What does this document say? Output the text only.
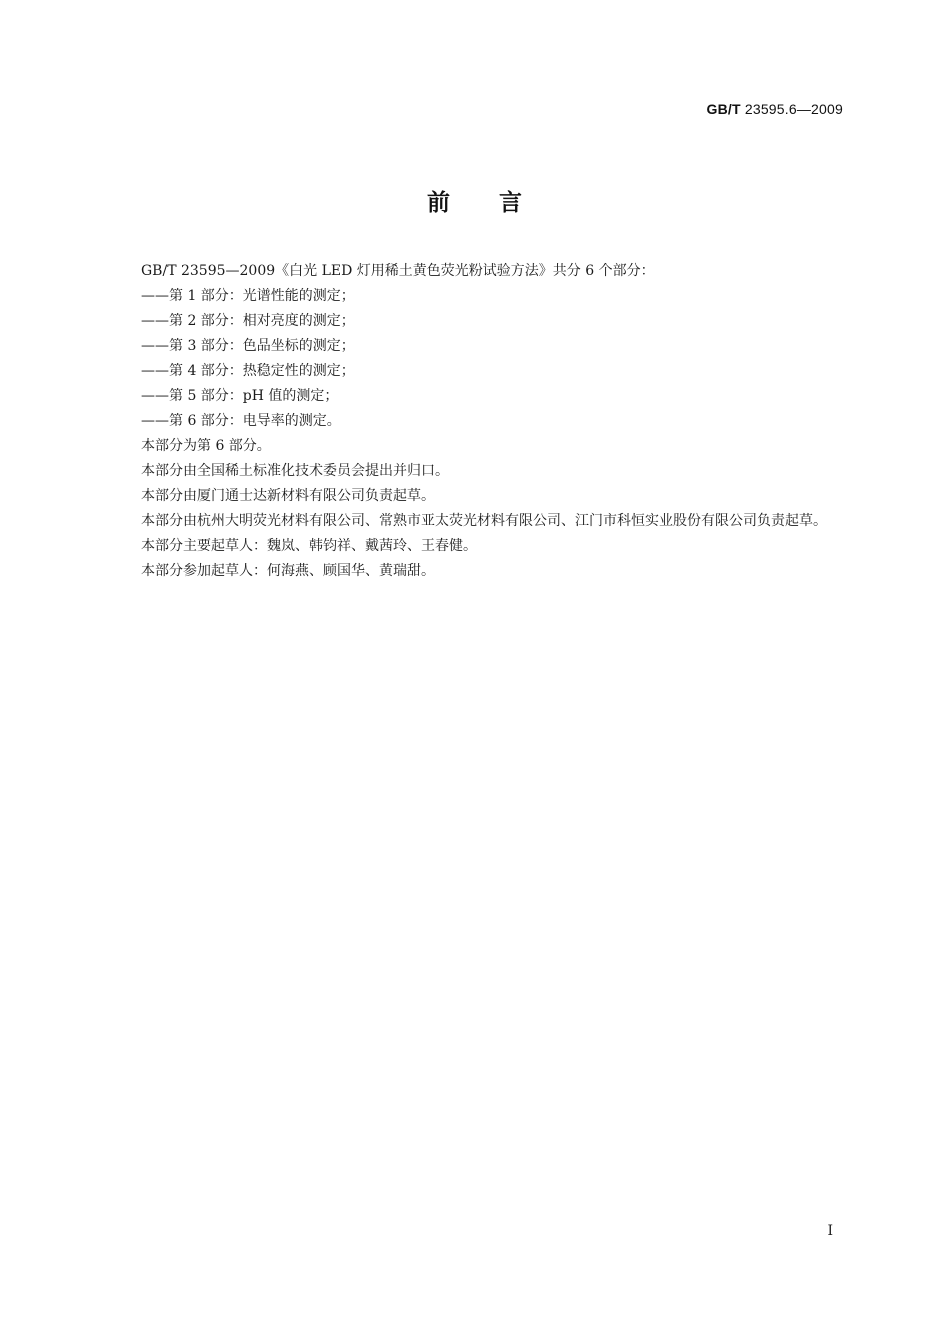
GB/T 23595.6—2009
前 言

GB/T 23595—2009《白光 LED 灯用稀土黄色荧光粉试验方法》共分 6 个部分：

——第 1 部分：光谱性能的测定；

——第 2 部分：相对亮度的测定；

——第 3 部分：色品坐标的测定；

——第 4 部分：热稳定性的测定；

——第 5 部分：pH 值的测定；

——第 6 部分：电导率的测定。

本部分为第 6 部分。

本部分由全国稀土标准化技术委员会提出并归口。

本部分由厦门通士达新材料有限公司负责起草。

本部分由杭州大明荧光材料有限公司、常熟市亚太荧光材料有限公司、江门市科恒实业股份有限公司负责起草。

本部分主要起草人：魏岚、韩钧祥、戴茜玲、王春健。

本部分参加起草人：何海燕、顾国华、黄瑞甜。

I
